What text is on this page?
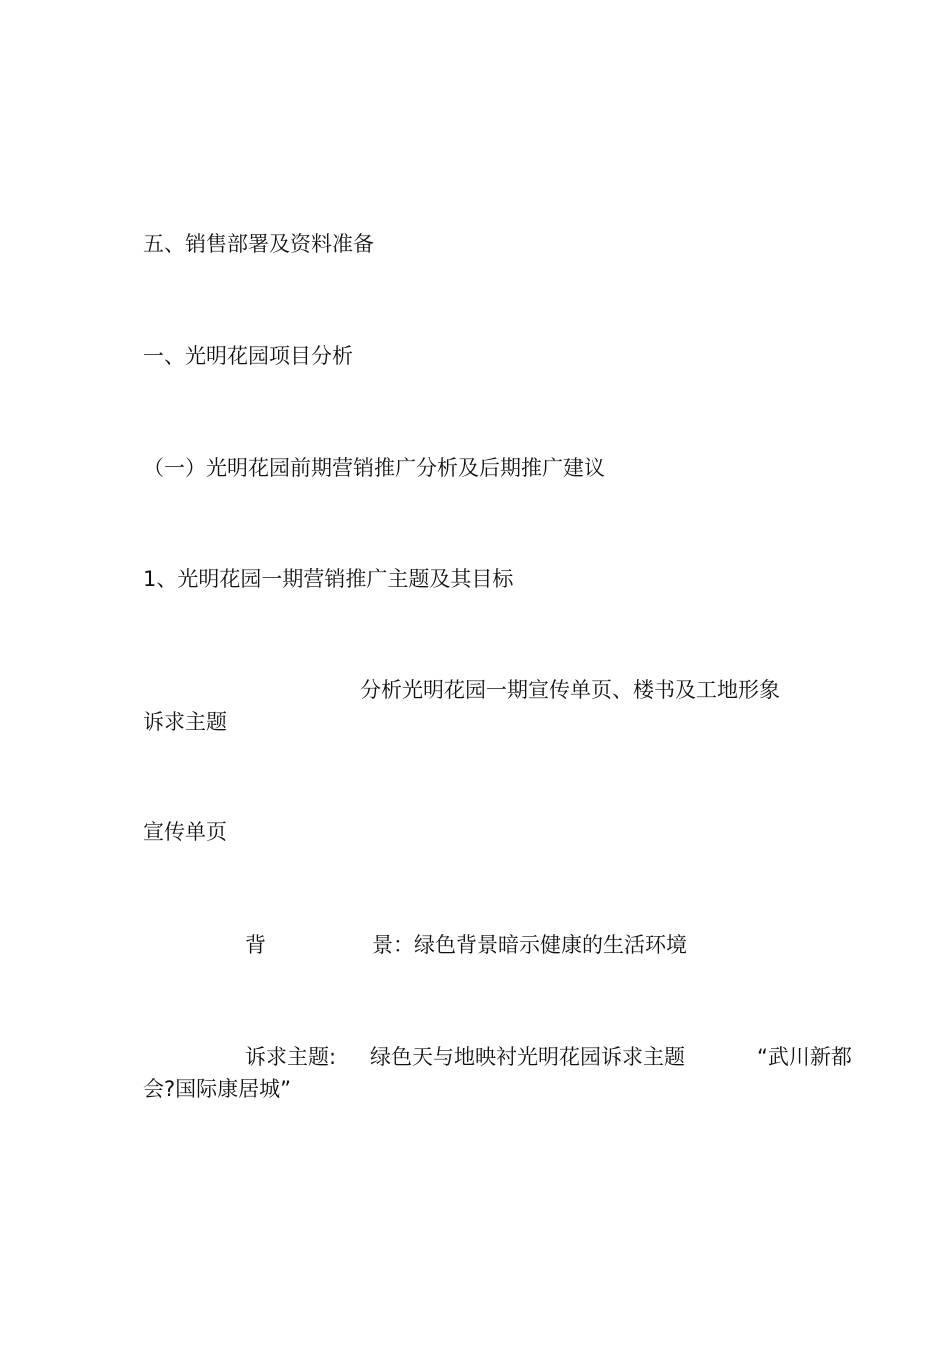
五、销售部署及资料准备
一、光明花园项目分析
（一）光明花园前期营销推广分析及后期推广建议
1、光明花园一期营销推广主题及其目标
分析光明花园一期宣传单页、楼书及工地形象
诉求主题
宣传单页
背	景：绿色背景暗示健康的生活环境
诉求主题: 绿色天与地映衬光明花园诉求主题	“武川新都
会?国际康居城”
